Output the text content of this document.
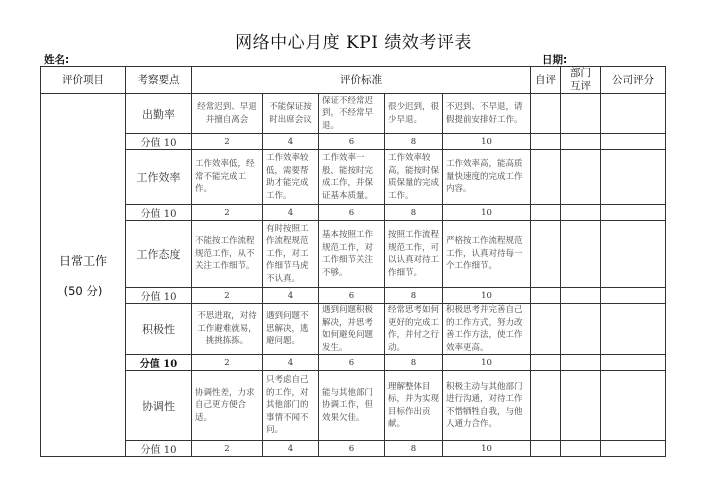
网络中心月度 KPI 绩效考评表
姓名:	日期:
评价项目	考察要点	评价标准					自评	部门互评	公司评分
日常工作
(50 分)	出勤率	经常迟到、早退并擅自离会	不能保证按时出席会议	保证不经常迟到，不经常早退。	很少迟到，很少早退。	不迟到、不早退，请假提前安排好工作。			
	分值 10	2	4	6	8	10			
	工作效率	工作效率低，经常不能完成工作。	工作效率较低，需要帮助才能完成工作。	工作效率一般，能按时完成工作，并保证基本质量。	工作效率较高，能按时保质保量的完成工作。	工作效率高，能高质量快速度的完成工作内容。			
	分值 10	2	4	6	8	10			
	工作态度	不能按工作流程规范工作，从不关注工作细节。	有时按照工作流程规范工作，对工作细节马虎不认真。	基本按照工作规范工作，对工作细节关注不够。	按照工作流程规范工作，可以认真对待工作细节。	严格按工作流程规范工作，认真对待每一个工作细节。			
	分值 10	2	4	6	8	10			
	积极性	不思进取，对待工作避难就易，挑挑拣拣。	遇到问题不思解决，逃避问题。	遇到问题积极解决，并思考如何避免问题发生。	经常思考如何更好的完成工作，并付之行动。	积极思考并完善自己的工作方式，努力改善工作方法，使工作效率更高。			
	分值 10	2	4	6	8	10			
	协调性	协调性差，力求自己更方便合适。	只考虑自己的工作，对其他部门的事情不闻不问。	能与其他部门协调工作，但效果欠佳。	理解整体目标，并为实现目标作出贡献。	积极主动与其他部门进行沟通，对待工作不惜牺牲自我，与他人通力合作。			
	分值 10	2	4	6	8	10			
